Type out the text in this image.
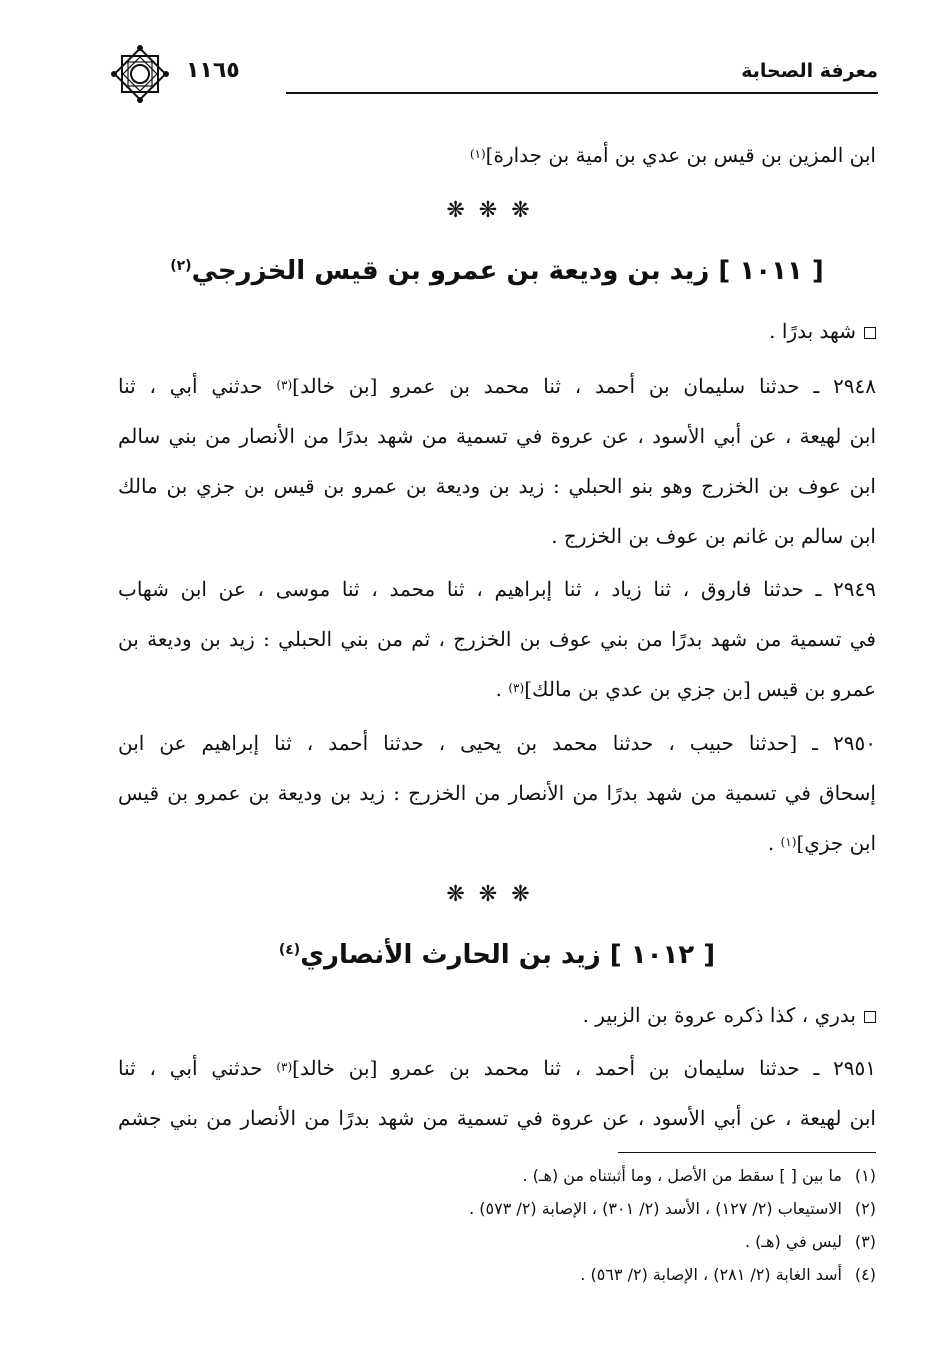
معرفة الصحابة
١١٦٥
ابن المزين بن قيس بن عدي بن أمية بن جدارة]$^{(١)}$
❋❋❋
[ ١٠١١ ] زيد بن وديعة بن عمرو بن قيس الخزرجي$^{(٢)}$
شهد بدرًا .
٢٩٤٨ ـ حدثنا سليمان بن أحمد ، ثنا محمد بن عمرو [بن خالد]$^{(٣)}$ حدثني أبي ، ثنا
ابن لهيعة ، عن أبي الأسود ، عن عروة في تسمية من شهد بدرًا من الأنصار من بني سالم
ابن عوف بن الخزرج وهو بنو الحبلي : زيد بن وديعة بن عمرو بن قيس بن جزي بن مالك
ابن سالم بن غانم بن عوف بن الخزرج .
٢٩٤٩ ـ حدثنا فاروق ، ثنا زياد ، ثنا إبراهيم ، ثنا محمد ، ثنا موسى ، عن ابن شهاب
في تسمية من شهد بدرًا من بني عوف بن الخزرج ، ثم من بني الحبلي : زيد بن وديعة بن
عمرو بن قيس [بن جزي بن عدي بن مالك]$^{(٣)}$ .
٢٩٥٠ ـ [حدثنا حبيب ، حدثنا محمد بن يحيى ، حدثنا أحمد ، ثنا إبراهيم عن ابن
إسحاق في تسمية من شهد بدرًا من الأنصار من الخزرج : زيد بن وديعة بن عمرو بن قيس
ابن جزي]$^{(١)}$ .
❋❋❋
[ ١٠١٢ ] زيد بن الحارث الأنصاري$^{(٤)}$
بدري ، كذا ذكره عروة بن الزبير .
٢٩٥١ ـ حدثنا سليمان بن أحمد ، ثنا محمد بن عمرو [بن خالد]$^{(٣)}$ حدثني أبي ، ثنا
ابن لهيعة ، عن أبي الأسود ، عن عروة في تسمية من شهد بدرًا من الأنصار من بني جشم
(١)ما بين [ ] سقط من الأصل ، وما أثبتناه من (هـ) .
(٢)الاستيعاب (٢/ ١٢٧) ، الأسد (٢/ ٣٠١) ، الإصابة (٢/ ٥٧٣) .
(٣)ليس في (هـ) .
(٤)أسد الغابة (٢/ ٢٨١) ، الإصابة (٢/ ٥٦٣) .
